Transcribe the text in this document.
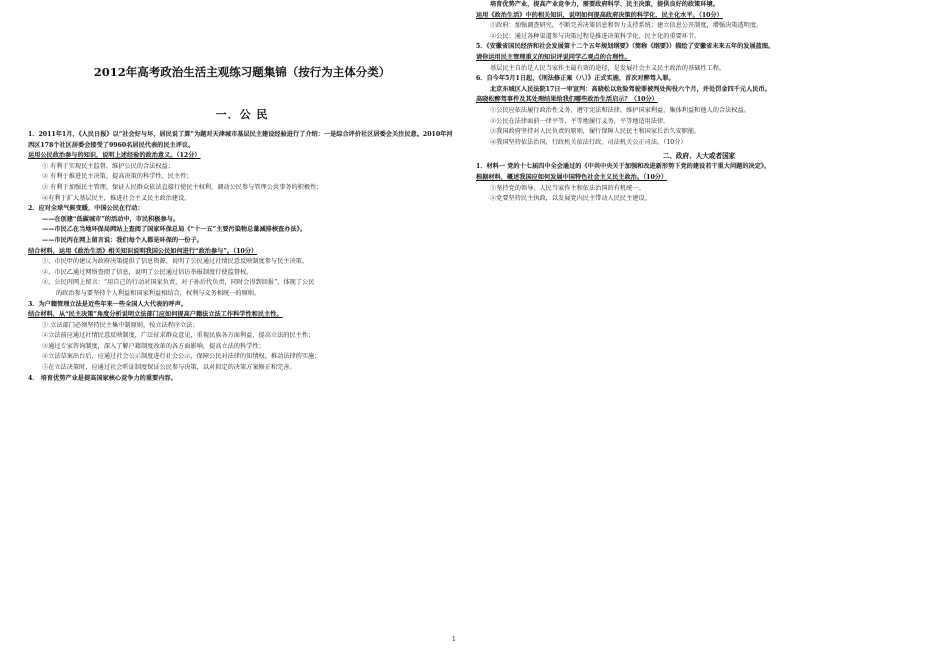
2012年高考政治生活主观练习题集锦（按行为主体分类）
一．公 民

1．2011年1月，《人民日报》以“社会好与坏，居民说了算”为题对天津城市基层民主建设经验进行了介绍：一是综合评价社区居委会关注民意。2010年河西区178个社区居委会接受了9960名居民代表的民主评议。

运用公民政治参与的知识，说明上述经验的政治意义。（12分）

① 有利于实现民主监督，维护公民的合法权益；

② 有利于推进民主决策，提高决策的科学性、民主性；

③ 有利于加强民主管理，保证人民群众依法直接行使民主权利，调动公民参与管理公共事务的积极性；

④有利于扩大基层民主，推进社会主义民主政治建设。

2．应对全球气候变暖，中国公民在行动：

——在创建“低碳城市”的活动中，市民积极参与。

——市民乙在当地环保局网站上查阅了国家环保总局《“十一五”主要污染物总量减排核查办法》。

——市民丙在网上留言说：我们每个人都是环保的一份子。

结合材料，运用《政治生活》相关知识说明我国公民如何进行“政治参与”。（10分）

①、市民甲的建议为政府决策提供了信息资源，说明了公民通过社情民意反映制度参与民主决策。

②、市民乙通过网络查阅了信息，说明了公民通过信访举报制度行使监督权。

②、公民丙网上留言：“用自己的行动对国家负责，对子孙后代负责，同时会得到回报”，体现了公民

的政治参与要坚持个人利益和国家利益相结合，权利与义务相统一的原则。

3．为户籍管理立法是近些年来一些全国人大代表的呼声。

结合材料，从“民主决策”角度分析说明立法部门应如何提高户籍法立法工作科学性和民主性。

① 立法部门必须坚持民主集中制原则，按立法程序立法；

②立法前应通过社情民意反映制度，广泛征求群众意见，重视民族各方面利益，提高立法的民主性；

③通过专家咨询制度，深入了解户籍制度改革的各方面影响，提高立法的科学性；

④立法草案出台后，应通过社会公示制度进行社会公示，保障公民对法律的知情权。推动法律的实施；

⑤在立法决策时，应通过社会听证制度保证公民参与决策，以对拟定的决策方案修正和完善。

4． 培育优势产业是提高国家核心竞争力的重要内容。

培育优势产业，提高产业竞争力，需要政府科学、民主决策，提供良好的政策环境。

运用《政治生活》中的相关知识，说明如何提高政府决策的科学化、民主化水平。（10分）

①政府：加强调查研究，不断完善决策信息和智力支持系统；建立信息公开制度，增强决策透明度。

②公民：通过各种渠道参与决策过程是推进决策科学化、民主化的重要环节。

5．《安徽省国民经济和社会发展第十二个五年规划纲要》（简称《纲要》）描绘了安徽省未来五年的发展蓝图。

请你运用民主管理重义的知识评说同学乙观点的合理性。

基层民主自治是人民当家作主最有效的途径，是发展社会主义民主政治的基础性工程。

6．自今年5月1日起，《刑法修正案（八）》正式实施，首次对醉驾入罪。

北京东城区人民法院17日一审宣判：高晓松以危险驾驶罪被判处拘役六个月，并处罚金四千元人民币。

高晓松醉驾事件及其处理结果给我们哪些政治生活启示？（10分）

①公民应依法履行政治性义务，遵守宪法和法律，维护国家利益、集体利益和他人的合法权益。

②公民在法律面前一律平等，平等地履行义务，平等地适用法律。

③我国政府坚持对人民负责的原则，履行保障人民民主和国家长治久安职能。

④我国坚持依法治国，行政机关依法行政。司法机关公正司法。（10分）

二、政府、人大或者国家

1．材料一 党的十七届四中全会通过的《中共中央关于加强和改进新形势下党的建设若干重大问题的决定》。

根据材料，概述我国应如何发展中国特色社会主义民主政治。（10分）

①坚持党的领导、人民当家作主和依法治国的有机统一。

②党要坚持民主执政，以发展党内民主带动人民民主建设。

1
